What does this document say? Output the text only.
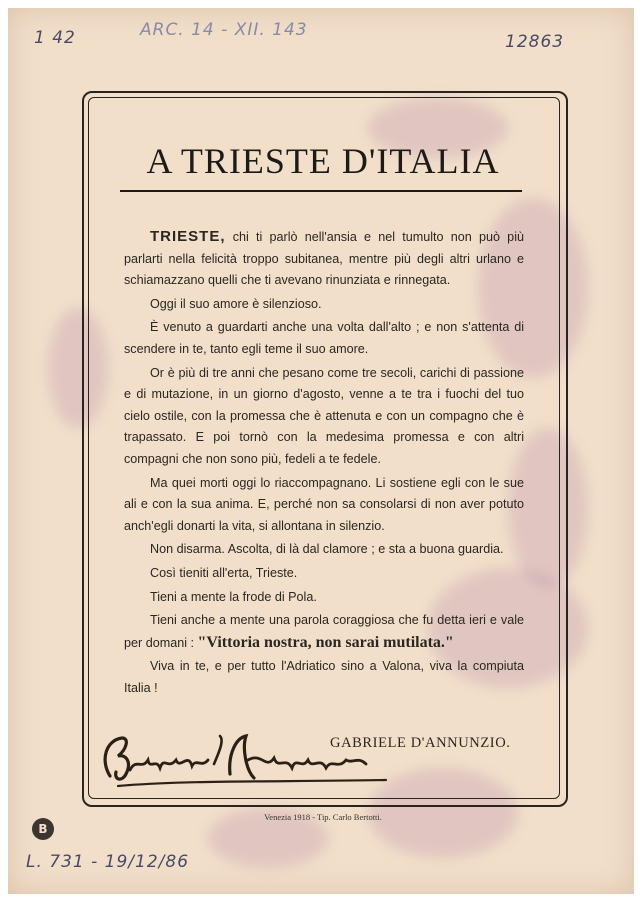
1 42	ARC. 14 - XII. 143
12863
L. 731 - 19/12/86
B
A TRIESTE D'ITALIA

TRIESTE, chi ti parlò nell'ansia e nel tumulto non può più parlarti nella felicità troppo subitanea, mentre più degli altri urlano e schiamazzano quelli che ti avevano rinunziata e rinnegata.

Oggi il suo amore è silenzioso.

È venuto a guardarti anche una volta dall'alto ; e non s'attenta di scendere in te, tanto egli teme il suo amore.

Or è più di tre anni che pesano come tre secoli, carichi di passione e di mutazione, in un giorno d'agosto, venne a te tra i fuochi del tuo cielo ostile, con la promessa che è attenuta e con un compagno che è trapassato. E poi tornò con la medesima promessa e con altri compagni che non sono più, fedeli a te fedele.

Ma quei morti oggi lo riaccompagnano. Li sostiene egli con le sue ali e con la sua anima. E, perché non sa consolarsi di non aver potuto anch'egli donarti la vita, si allontana in silenzio.

Non disarma. Ascolta, di là dal clamore ; e sta a buona guardia.

Così tieniti all'erta, Trieste.

Tieni a mente la frode di Pola.

Tieni anche a mente una parola coraggiosa che fu detta ieri e vale per domani : "Vittoria nostra, non sarai mutilata."

Viva in te, e per tutto l'Adriatico sino a Valona, viva la compiuta Italia !

GABRIELE D'ANNUNZIO.
Venezia 1918 - Tip. Carlo Bertotti.
